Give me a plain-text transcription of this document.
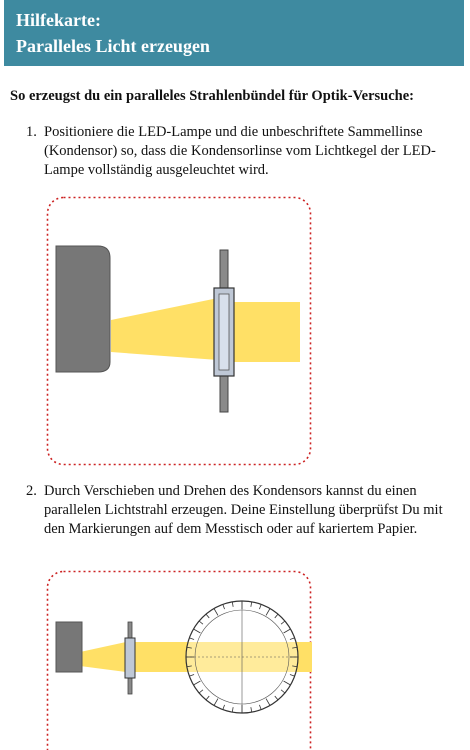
Hilfekarte:
Paralleles Licht erzeugen
So erzeugst du ein paralleles Strahlenbündel für Optik-Versuche:
1. Positioniere die LED-Lampe und die unbeschriftete Sammellinse (Kondensor) so, dass die Kondensorlinse vom Lichtkegel der LED-Lampe vollständig ausgeleuchtet wird.
2. Durch Verschieben und Drehen des Kondensors kannst du einen parallelen Lichtstrahl erzeugen. Deine Einstellung überprüfst Du mit den Markierungen auf dem Messtisch oder auf kariertem Papier.
